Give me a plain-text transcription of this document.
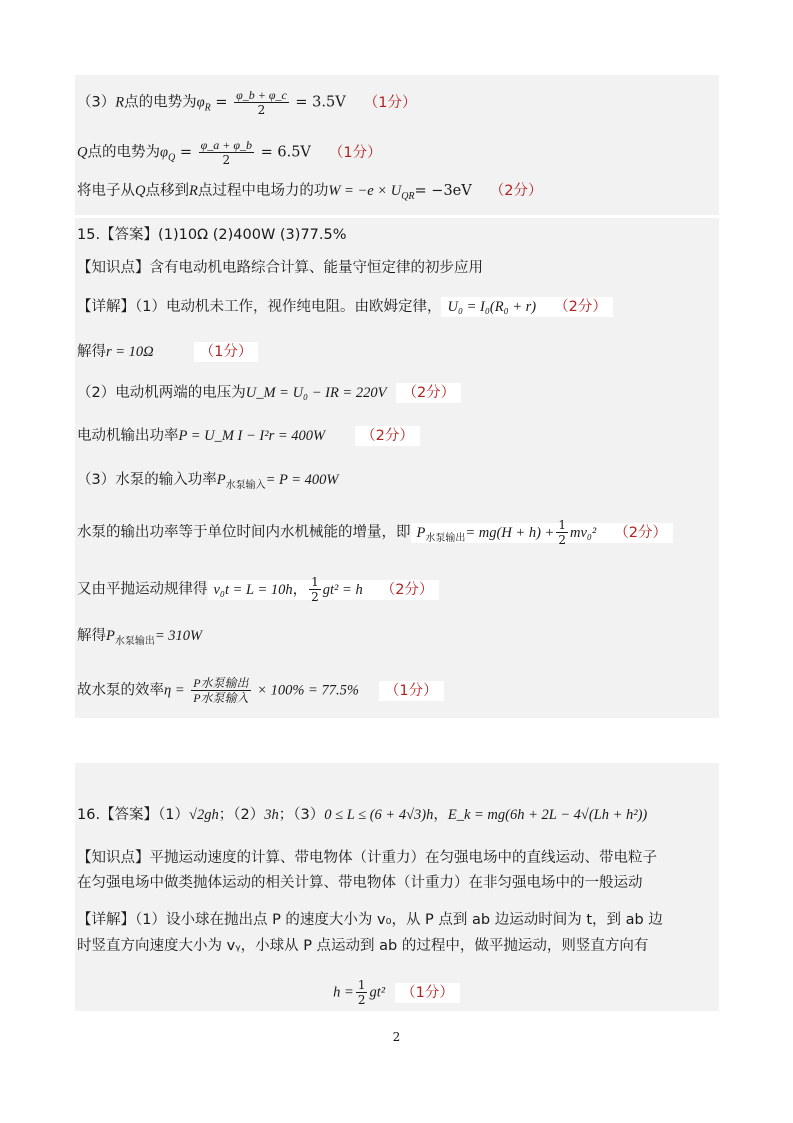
（3）R点的电势为$\varphi_R = \frac{\varphi\_b + \varphi\_c}{2} = 3.5V$ （1分）
Q点的电势为$\varphi_Q = \frac{\varphi\_a + \varphi\_b}{2} = 6.5V$ （1分）
将电子从Q点移到R点过程中电场力的功$W = -e \times U_{QR}= -3eV$ （2分）
15.【答案】(1)10Ω (2)400W (3)77.5%
【知识点】含有电动机电路综合计算、能量守恒定律的初步应用
【详解】（1）电动机未工作，视作纯电阻。由欧姆定律， U₀ = I₀(R₀ + r) （2分）
解得r = 10Ω	（1分）
（2）电动机两端的电压为U_M = U₀ − IR = 220V （2分）
电动机输出功率P = U_M I − I²r = 400W （2分）
（3）水泵的输入功率$P_{水泵输入}= P = 400W$
水泵的输出功率等于单位时间内水机械能的增量，即 $P_{水泵输出}= mg(H + h) + \frac{1}{2} mv_0^2$ （2分）
又由平抛运动规律得 v₀t = L = 10h， $\frac{1}{2} gt^2 = h$ （2分）
解得$P_{水泵输出}= 310W$
故水泵的效率$\eta = \frac{\text{P水泵输出}}{\text{P水泵输入}} \times 100\% = 77.5\%$ （1分）
16.【答案】（1）√2gh；（2）3h；（3）0 ≤ L ≤ (6 + 4√3)h，E_k = mg(6h + 2L − 4√(Lh + h²))
【知识点】平抛运动速度的计算、带电物体（计重力）在匀强电场中的直线运动、带电粒子
在匀强电场中做类抛体运动的相关计算、带电物体（计重力）在非匀强电场中的一般运动
【详解】（1）设小球在抛出点 P 的速度大小为 v₀，从 P 点到 ab 边运动时间为 t，到 ab 边
时竖直方向速度大小为 vᵧ，小球从 P 点运动到 ab 的过程中，做平抛运动，则竖直方向有
$h = \frac{1}{2} gt^2$ （1分）
2
